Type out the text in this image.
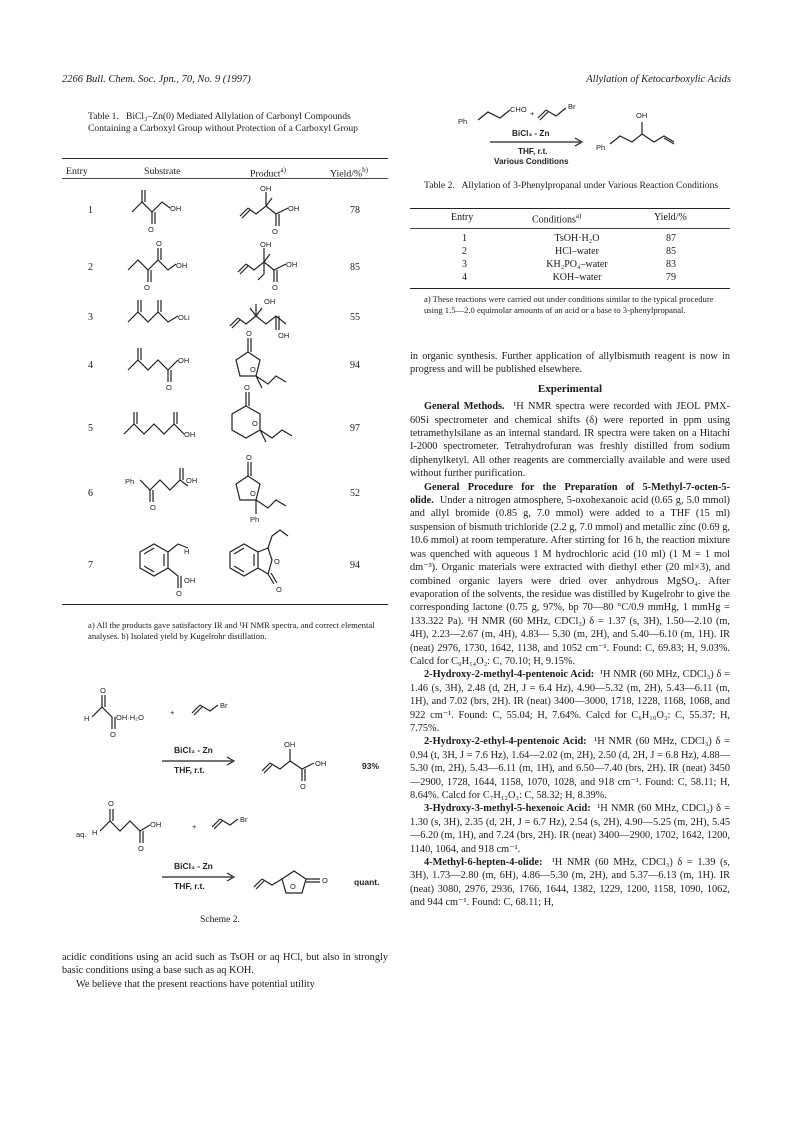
2266 Bull. Chem. Soc. Jpn., 70, No. 9 (1997)	Allylation of Ketocarboxylic Acids
Table 1. BiCl₃–Zn(0) Mediated Allylation of Carbonyl Compounds Containing a Carboxyl Group without Protection of a Carboxyl Group
Entry	Substrate	Product$^{a)}$	Yield/%$^{b)}$
1	78
2	85
3	55
4	94
5	97
6	52
7	94
OH
O
OH
OH
O
OH
O
O
OH
OH
O
OLi
OH
OH
OH
O
O
O
OH
O
O
Ph	OH
O
O
O
Ph
H
OH
O
O
O
a) All the products gave satisfactory IR and ¹H NMR spectra, and correct elemental analyses. b) Isolated yield by Kugelrohr distillation.
H
O
OH·H₂O
O
+
Br
OH
OH
O
aq. H
O
OH
O
+
Br
O
O
BiCl₃ - Zn
THF, r.t.	93%
BiCl₃ - Zn
THF, r.t.	quant.
Scheme 2.

acidic conditions using an acid such as TsOH or aq HCl, but also in strongly basic conditions using a base such as aq KOH.

We believe that the present reactions have potential utility

Ph
CHO +
Br
Ph
OH
BiCl₃ - Zn
THF, r.t.
Various Conditions
Table 2. Allylation of 3-Phenylpropanal under Various Reaction Conditions
Entry	Conditions$^{a)}$	Yield/%
1	TsOH·H₂O	87
2	HCl–water	85
3	KH₂PO₄–water	83
4	KOH–water	79
a) These reactions were carried out under conditions similar to the typical procedure using 1.5—2.0 equimolar amounts of an acid or a base to 3-phenylpropanal.

in organic synthesis. Further application of allylbismuth reagent is now in progress and will be published elsewhere.

Experimental

General Methods. ¹H NMR spectra were recorded with JEOL PMX-60Si spectrometer and chemical shifts (δ) were reported in ppm using tetramethylsilane as an internal standard. IR spectra were taken on a Hitachi I-2000 spectrometer. Tetrahydrofuran was freshly distilled from sodium diphenylketyl. All other reagents are commercially available and were used without further purification.

General Procedure for the Preparation of 5-Methyl-7-octen-5-olide. Under a nitrogen atmosphere, 5-oxohexanoic acid (0.65 g, 5.0 mmol) and allyl bromide (0.85 g, 7.0 mmol) were added to a THF (15 ml) suspension of bismuth trichloride (2.2 g, 7.0 mmol) and metallic zinc (0.69 g, 10.6 mmol) at room temperature. After stirring for 16 h, the reaction mixture was quenched with aqueous 1 M hydrochloric acid (10 ml) (1 M = 1 mol dm⁻³). Organic materials were extracted with diethyl ether (20 ml×3), and combined organic layers were dried over anhydrous MgSO₄. After evaporation of the solvents, the residue was distilled by Kugelrohr to give the corresponding lactone (0.75 g, 97%, bp 70—80 °C/0.9 mmHg, 1 mmHg = 133.322 Pa). ¹H NMR (60 MHz, CDCl₃) δ = 1.37 (s, 3H), 1.50—2.10 (m, 4H), 2.23—2.67 (m, 4H), 4.83— 5.30 (m, 2H), and 5.40—6.10 (m, 1H). IR (neat) 2976, 1730, 1642, 1138, and 1052 cm⁻¹. Found: C, 69.83; H, 9.03%. Calcd for C₉H₁₄O₂: C, 70.10; H, 9.15%.

2-Hydroxy-2-methyl-4-pentenoic Acid: ¹H NMR (60 MHz, CDCl₃) δ = 1.46 (s, 3H), 2.48 (d, 2H, J = 6.4 Hz), 4.90—5.32 (m, 2H), 5.43—6.11 (m, 1H), and 7.02 (brs, 2H). IR (neat) 3400—3000, 1718, 1228, 1168, 1068, and 922 cm⁻¹. Found: C, 55.04; H, 7.64%. Calcd for C₆H₁₀O₃: C, 55.37; H, 7.75%.

2-Hydroxy-2-ethyl-4-pentenoic Acid: ¹H NMR (60 MHz, CDCl₃) δ = 0.94 (t, 3H, J = 7.6 Hz), 1.64—2.02 (m, 2H), 2.50 (d, 2H, J = 6.8 Hz), 4.88—5.30 (m, 2H), 5.43—6.11 (m, 1H), and 6.50—7.40 (brs, 2H). IR (neat) 3450—2900, 1728, 1644, 1158, 1070, 1028, and 918 cm⁻¹. Found: C, 58.11; H, 8.64%. Calcd for C₇H₁₂O₃: C, 58.32; H, 8.39%.

3-Hydroxy-3-methyl-5-hexenoic Acid: ¹H NMR (60 MHz, CDCl₃) δ = 1.30 (s, 3H), 2.35 (d, 2H, J = 6.7 Hz), 2.54 (s, 2H), 4.90—5.25 (m, 2H), 5.45—6.20 (m, 1H), and 7.24 (brs, 2H). IR (neat) 3400—2900, 1702, 1642, 1200, 1140, 1064, and 918 cm⁻¹.

4-Methyl-6-hepten-4-olide: ¹H NMR (60 MHz, CDCl₃) δ = 1.39 (s, 3H), 1.73—2.80 (m, 6H), 4.86—5.30 (m, 2H), and 5.37—6.13 (m, 1H). IR (neat) 3080, 2976, 2936, 1766, 1644, 1382, 1229, 1200, 1158, 1090, 1062, and 944 cm⁻¹. Found: C, 68.11; H,
